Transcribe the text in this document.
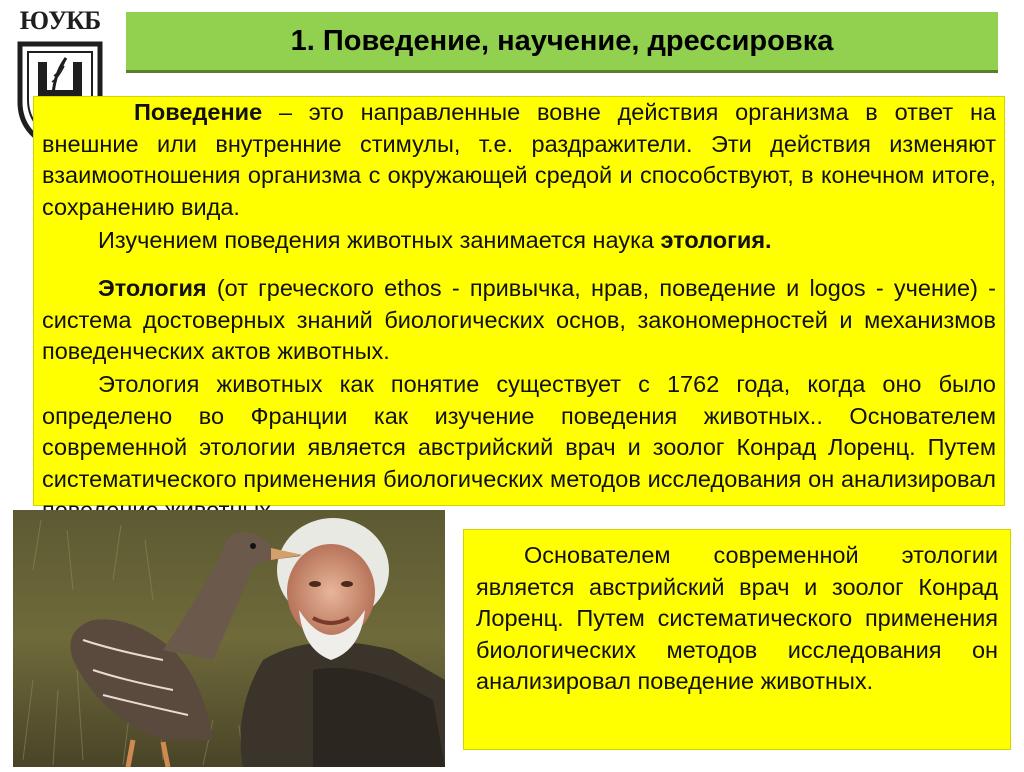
ЮУКБ
1. Поведение, научение, дрессировка

Поведение – это направленные вовне действия организма в ответ на внешние или внутренние стимулы, т.е. раздражители. Эти действия изменяют взаимоотношения организма с окружающей средой и способствуют, в конечном итоге, сохранению вида.

Изучением поведения животных занимается наука этология.

Этология (от греческого ethos - привычка, нрав, поведение и logos - учение) - система достоверных знаний биологических основ, закономерностей и механизмов поведенческих актов животных.

Этология животных как понятие существует с 1762 года, когда оно было определено во Франции как изучение поведения животных.. Основателем современной этологии является австрийский врач и зоолог Конрад Лоренц. Путем систематического применения биологических методов исследования он анализировал

Основателем современной этологии является австрийский врач и зоолог Конрад Лоренц. Путем систематического применения биологических методов исследования он анализировал поведение животных.
